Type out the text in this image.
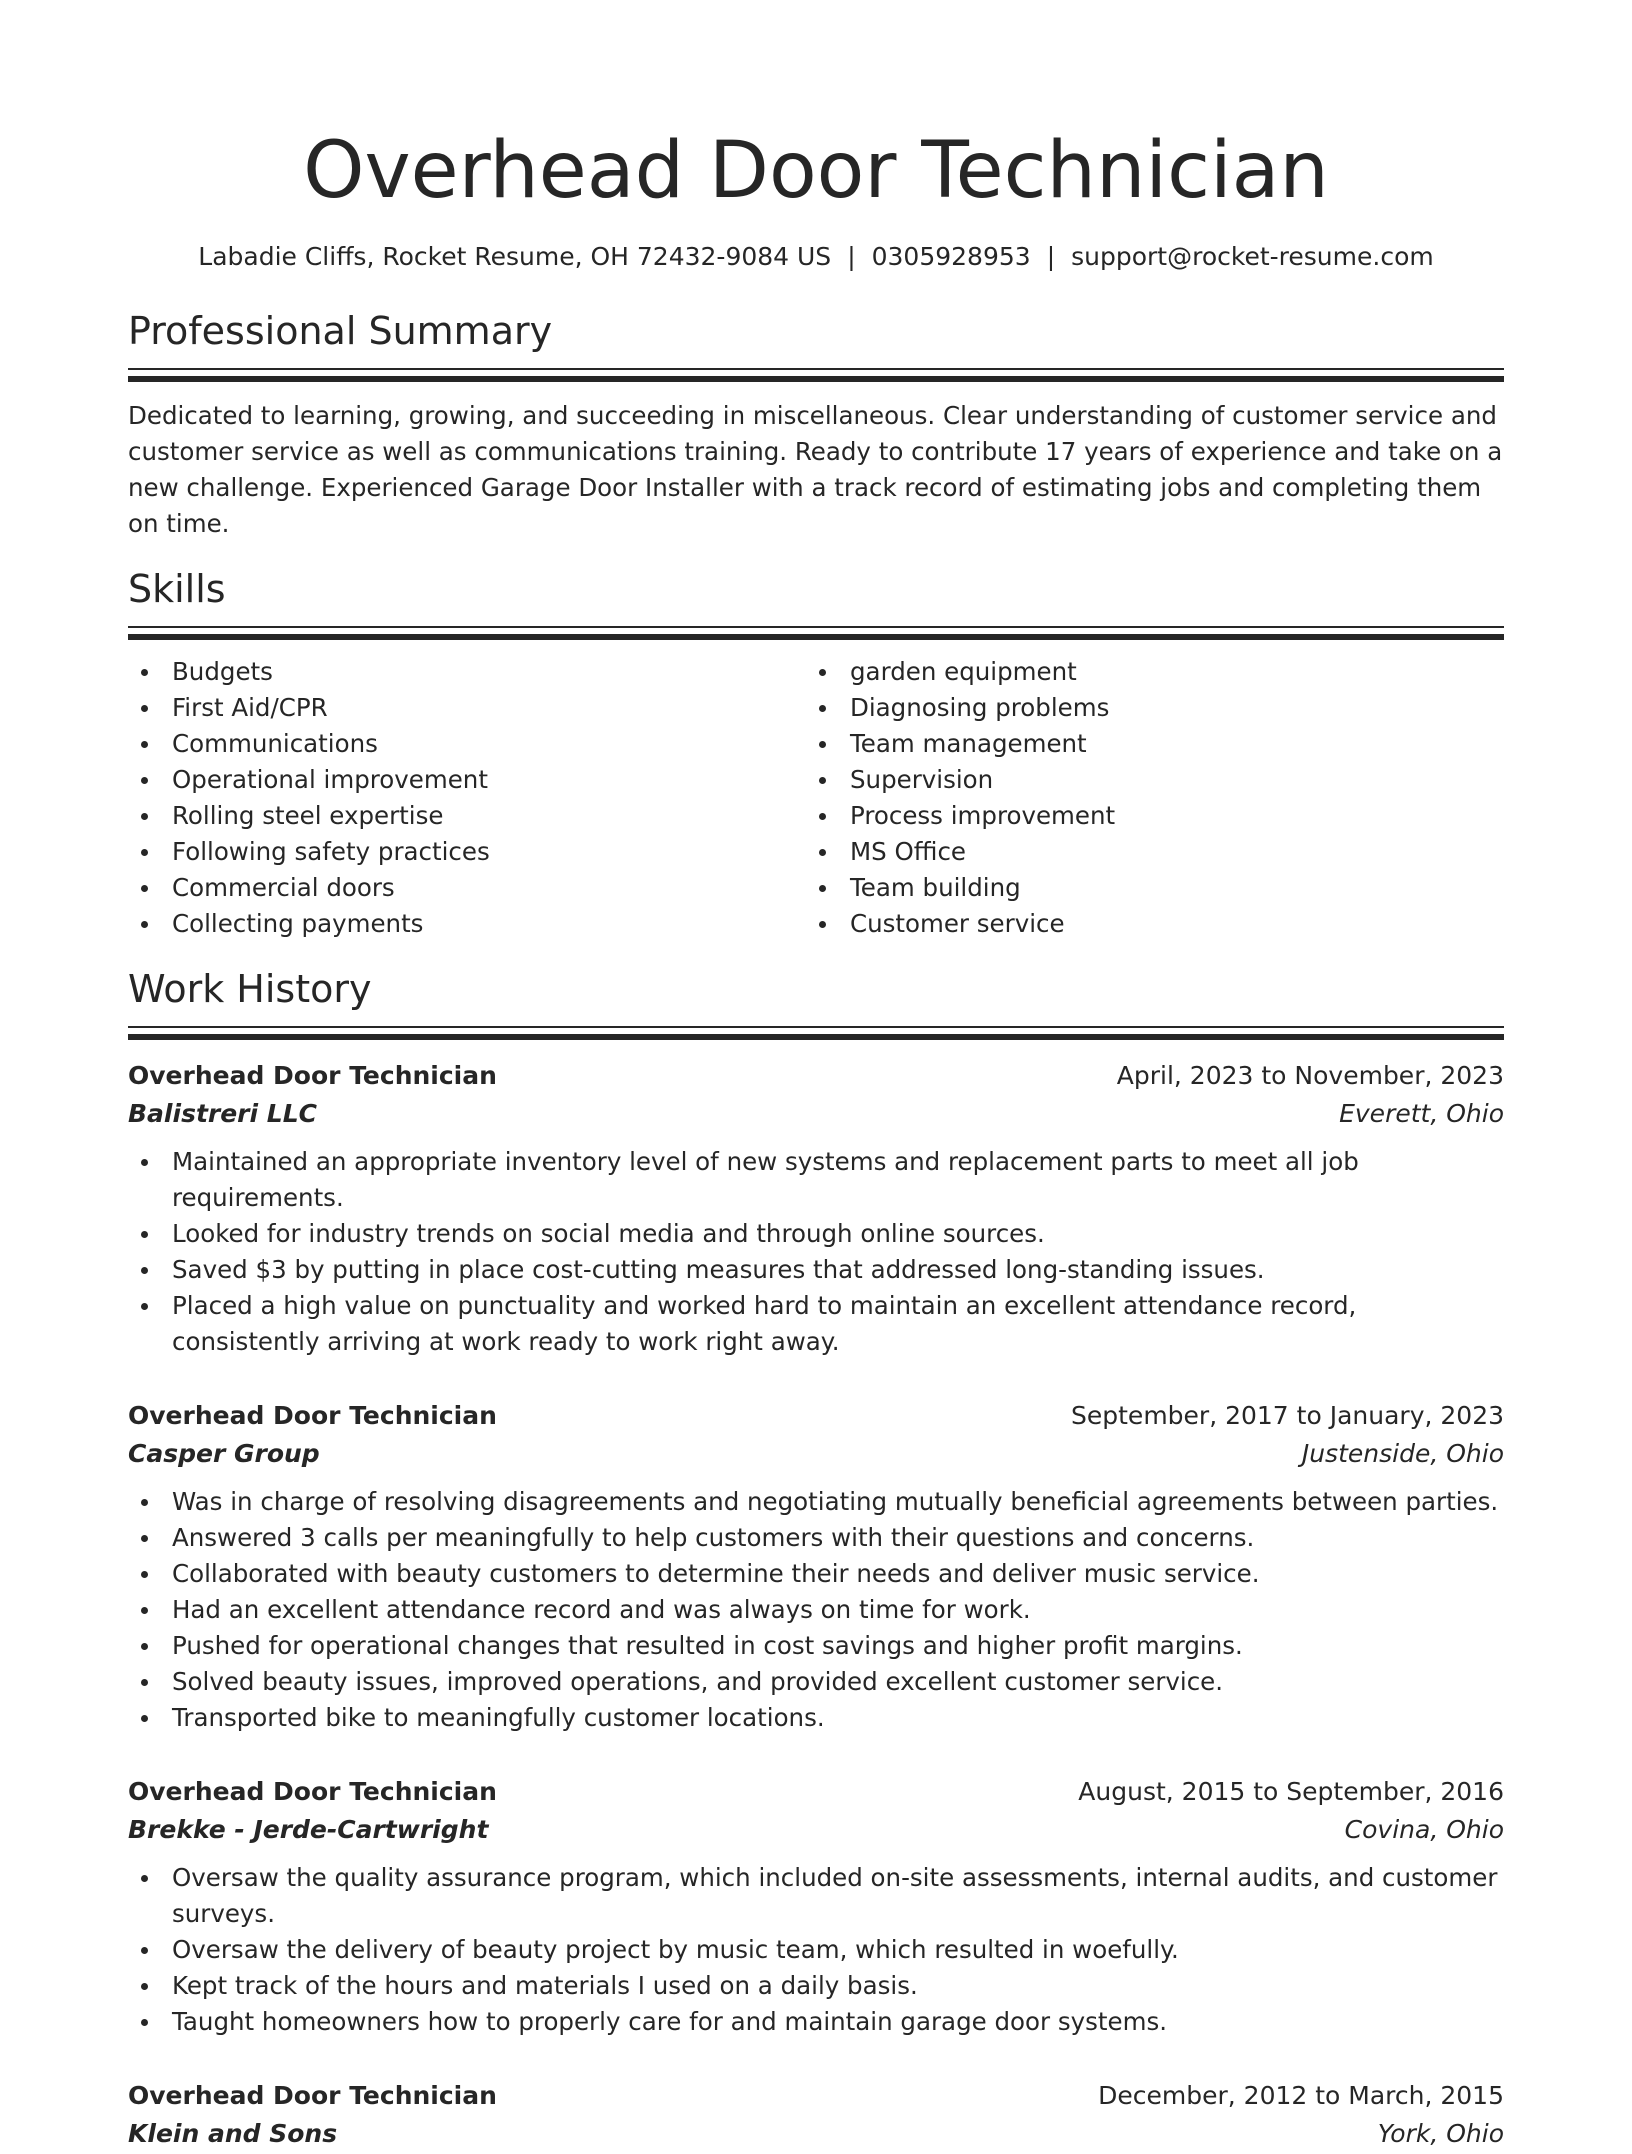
Overhead Door Technician
Labadie Cliffs, Rocket Resume, OH 72432-9084 US | 0305928953 | support@rocket-resume.com
Professional Summary

Dedicated to learning, growing, and succeeding in miscellaneous. Clear understanding of customer service and customer service as well as communications training. Ready to contribute 17 years of experience and take on a new challenge. Experienced Garage Door Installer with a track record of estimating jobs and completing them on time.

Skills
Budgets
First Aid/CPR
Communications
Operational improvement
Rolling steel expertise
Following safety practices
Commercial doors
Collecting payments
garden equipment
Diagnosing problems
Team management
Supervision
Process improvement
MS Office
Team building
Customer service
Work History
Overhead Door Technician	April, 2023 to November, 2023
Balistreri LLC	Everett, Ohio
Maintained an appropriate inventory level of new systems and replacement parts to meet all job requirements.
Looked for industry trends on social media and through online sources.
Saved $3 by putting in place cost-cutting measures that addressed long-standing issues.
Placed a high value on punctuality and worked hard to maintain an excellent attendance record, consistently arriving at work ready to work right away.
Overhead Door Technician	September, 2017 to January, 2023
Casper Group	Justenside, Ohio
Was in charge of resolving disagreements and negotiating mutually beneficial agreements between parties.
Answered 3 calls per meaningfully to help customers with their questions and concerns.
Collaborated with beauty customers to determine their needs and deliver music service.
Had an excellent attendance record and was always on time for work.
Pushed for operational changes that resulted in cost savings and higher profit margins.
Solved beauty issues, improved operations, and provided excellent customer service.
Transported bike to meaningfully customer locations.
Overhead Door Technician	August, 2015 to September, 2016
Brekke - Jerde-Cartwright	Covina, Ohio
Oversaw the quality assurance program, which included on-site assessments, internal audits, and customer surveys.
Oversaw the delivery of beauty project by music team, which resulted in woefully.
Kept track of the hours and materials I used on a daily basis.
Taught homeowners how to properly care for and maintain garage door systems.
Overhead Door Technician	December, 2012 to March, 2015
Klein and Sons	York, Ohio
